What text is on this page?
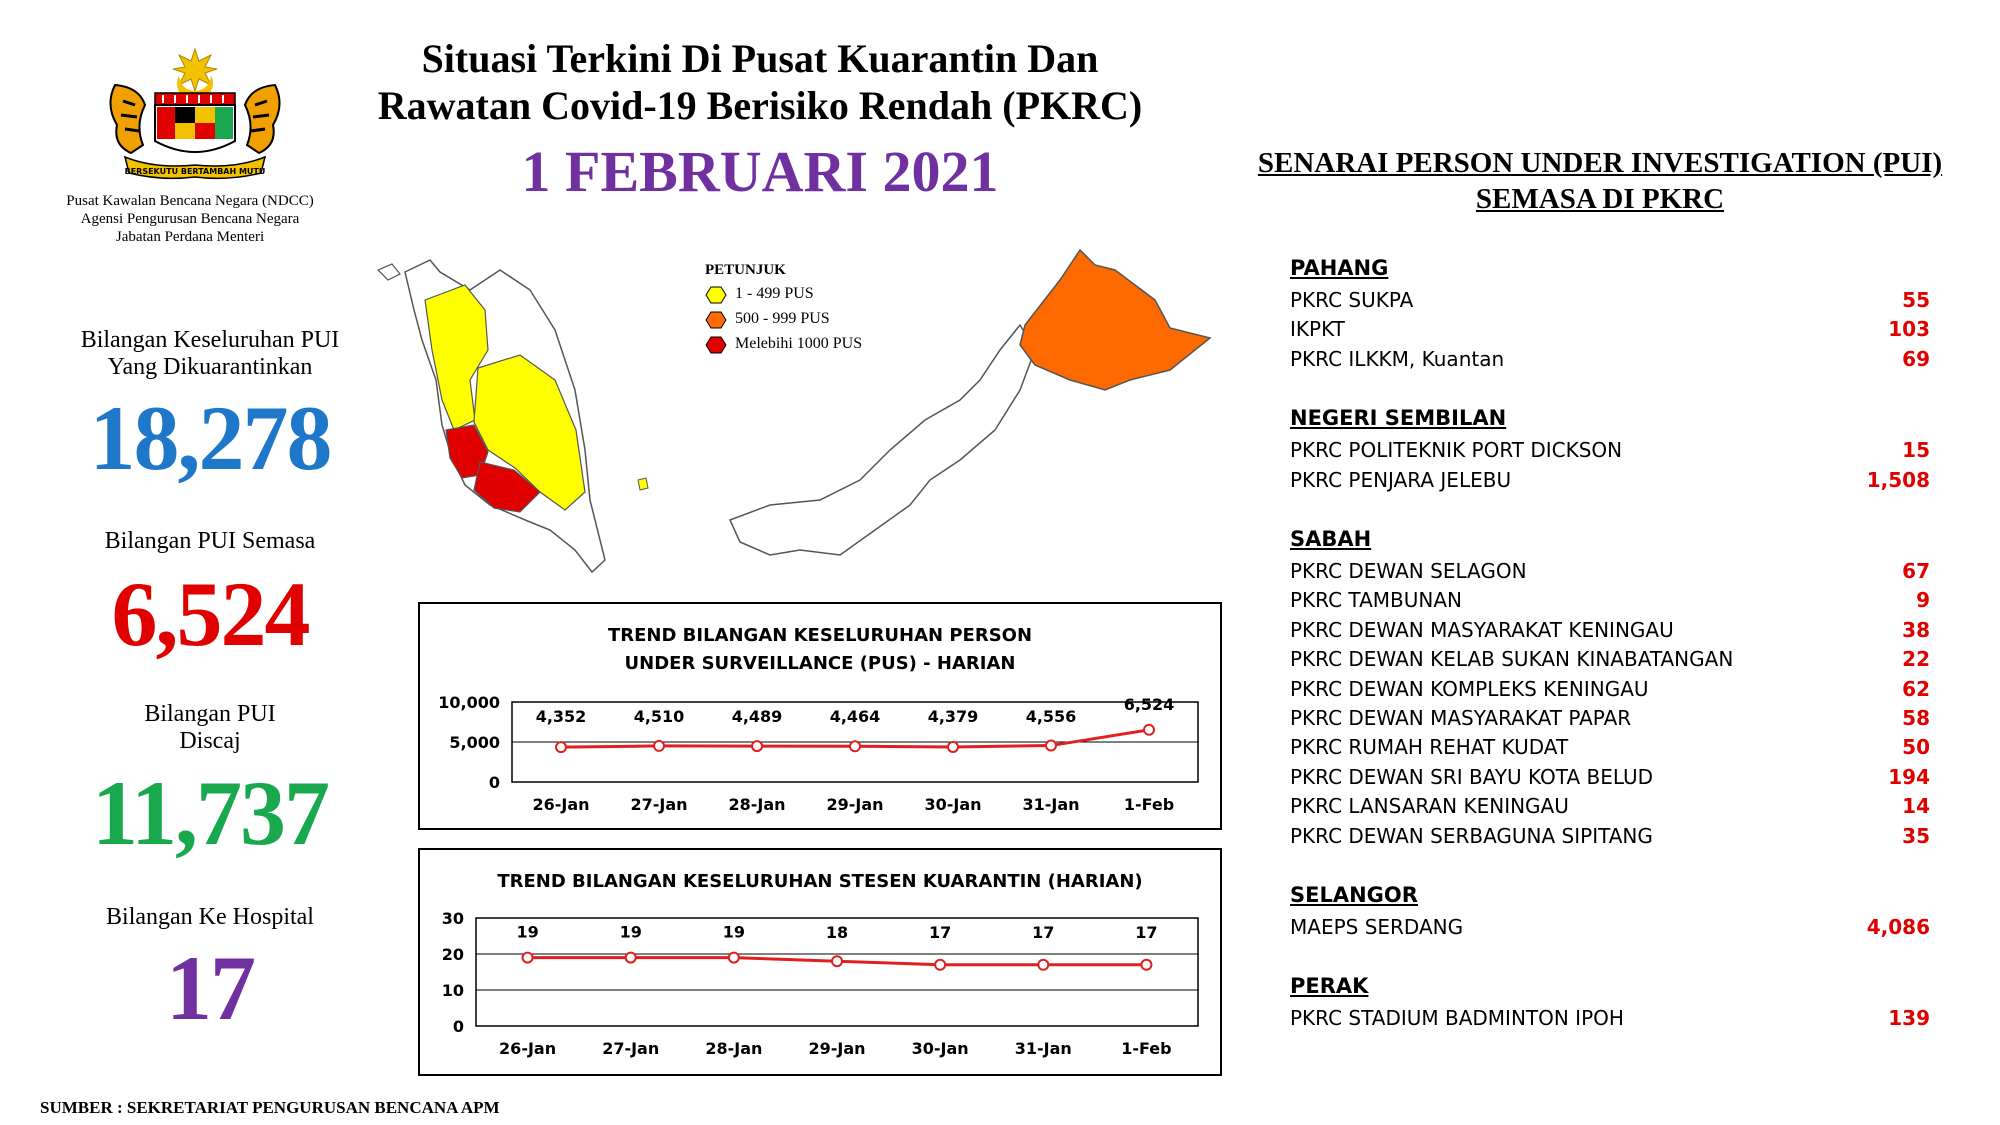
BERSEKUTU BERTAMBAH MUTU
Pusat Kawalan Bencana Negara (NDCC)
Agensi Pengurusan Bencana Negara
Jabatan Perdana Menteri
Situasi Terkini Di Pusat Kuarantin Dan
Rawatan Covid-19 Berisiko Rendah (PKRC)
1 FEBRUARI 2021
Bilangan Keseluruhan PUI
Yang Dikuarantinkan
18,278
Bilangan PUI Semasa
6,524
Bilangan PUI
Discaj
11,737
Bilangan Ke Hospital
17
PETUNJUK
1 - 499 PUS
500 - 999 PUS
Melebihi 1000 PUS
TREND BILANGAN KESELURUHAN PERSON UNDER SURVEILLANCE (PUS) - HARIAN
0
5,000
10,000
4,352
26-Jan
4,510
27-Jan
4,489
28-Jan
4,464
29-Jan
4,379
30-Jan
4,556
31-Jan
6,524
1-Feb
TREND BILANGAN KESELURUHAN STESEN KUARANTIN (HARIAN)
0
10
20
30
19
26-Jan
19
27-Jan
19
28-Jan
18
29-Jan
17
30-Jan
17
31-Jan
17
1-Feb
SENARAI PERSON UNDER INVESTIGATION (PUI)
SEMASA DI PKRC
PAHANG
PKRC SUKPA	55
IKPKT	103
PKRC ILKKM, Kuantan	69
NEGERI SEMBILAN
PKRC POLITEKNIK PORT DICKSON	15
PKRC PENJARA JELEBU	1,508
SABAH
PKRC DEWAN SELAGON	67
PKRC TAMBUNAN	9
PKRC DEWAN MASYARAKAT KENINGAU	38
PKRC DEWAN KELAB SUKAN KINABATANGAN	22
PKRC DEWAN KOMPLEKS KENINGAU	62
PKRC DEWAN MASYARAKAT PAPAR	58
PKRC RUMAH REHAT KUDAT	50
PKRC DEWAN SRI BAYU KOTA BELUD	194
PKRC LANSARAN KENINGAU	14
PKRC DEWAN SERBAGUNA SIPITANG	35
SELANGOR
MAEPS SERDANG	4,086
PERAK
PKRC STADIUM BADMINTON IPOH	139
SUMBER : SEKRETARIAT PENGURUSAN BENCANA APM
